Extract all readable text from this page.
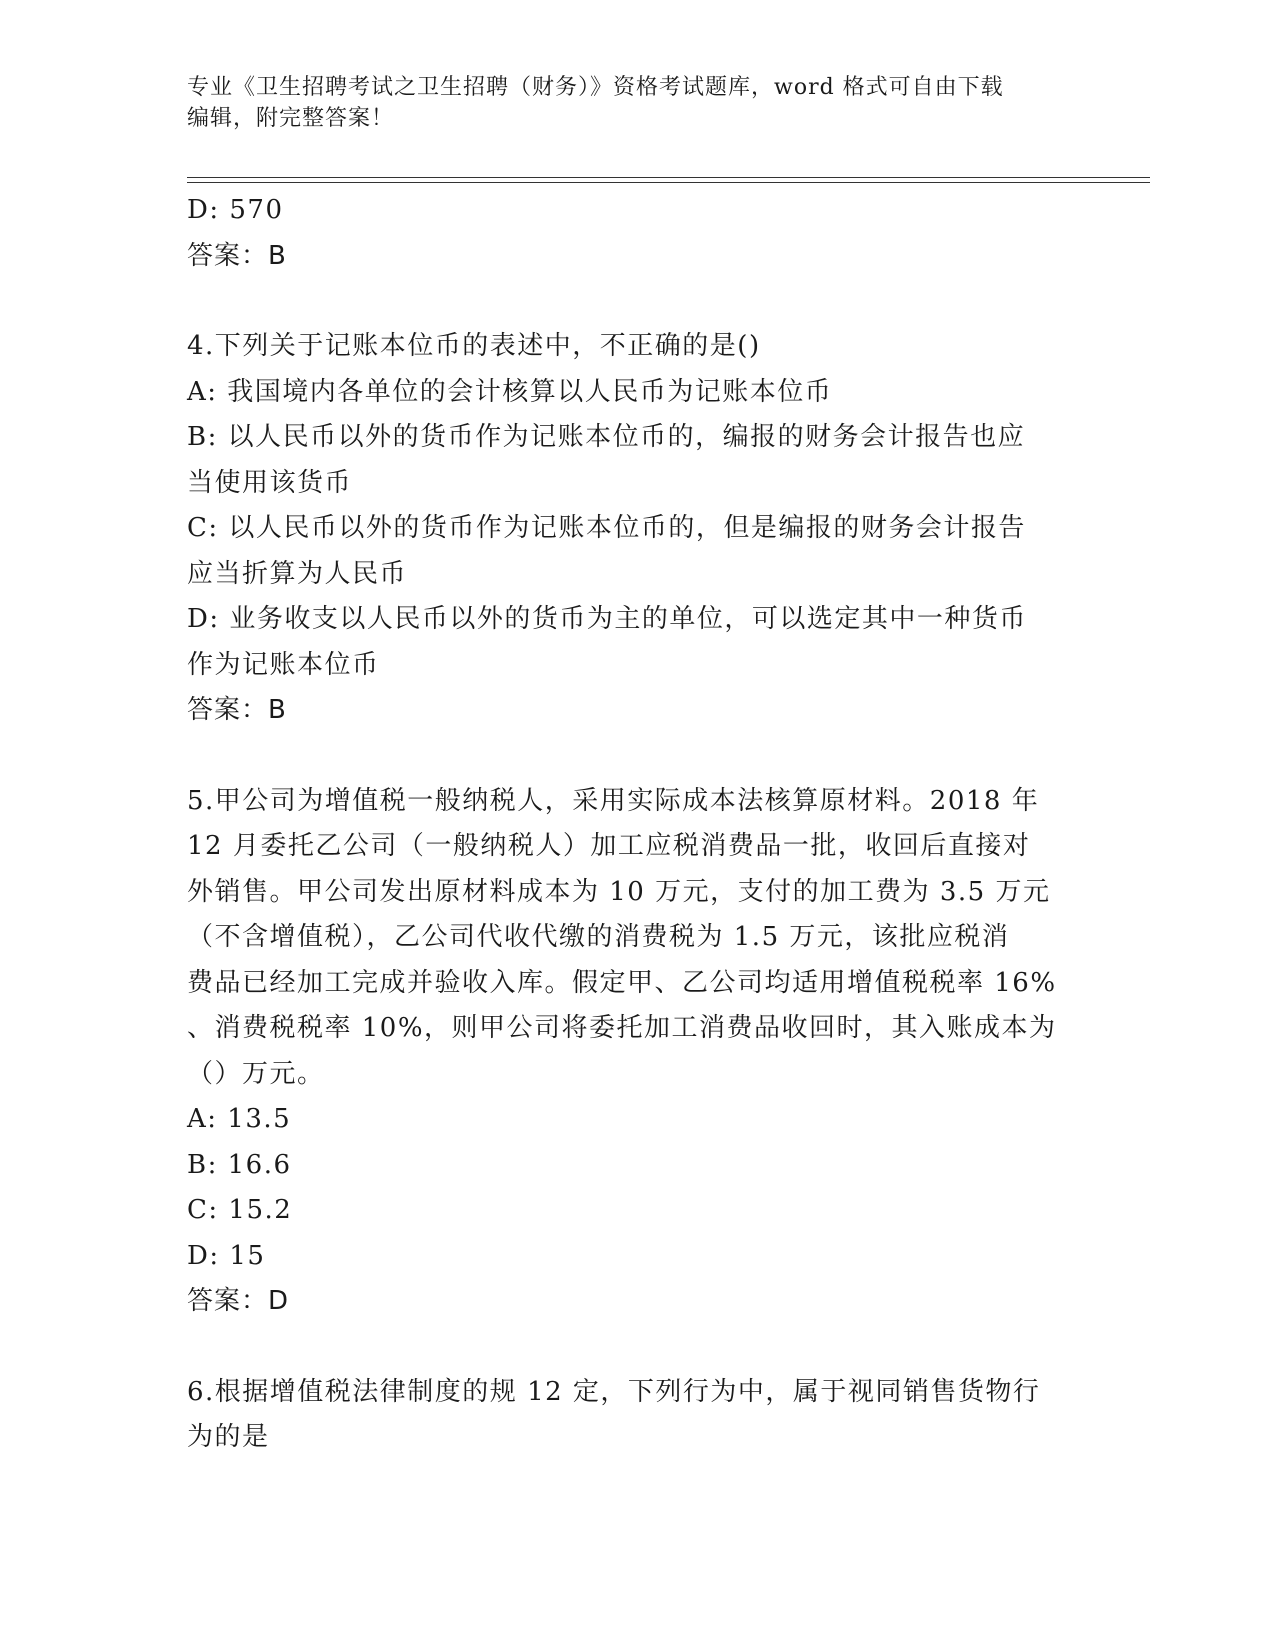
专业《卫生招聘考试之卫生招聘（财务）》资格考试题库，word 格式可自由下载
编辑，附完整答案！
D: 570
答案：B
4.下列关于记账本位币的表述中，不正确的是()
A: 我国境内各单位的会计核算以人民币为记账本位币
B: 以人民币以外的货币作为记账本位币的，编报的财务会计报告也应
当使用该货币
C: 以人民币以外的货币作为记账本位币的，但是编报的财务会计报告
应当折算为人民币
D: 业务收支以人民币以外的货币为主的单位，可以选定其中一种货币
作为记账本位币
答案：B
5.甲公司为增值税一般纳税人，采用实际成本法核算原材料。2018 年
12 月委托乙公司（一般纳税人）加工应税消费品一批，收回后直接对
外销售。甲公司发出原材料成本为 10 万元，支付的加工费为 3.5 万元
（不含增值税），乙公司代收代缴的消费税为 1.5 万元，该批应税消
费品已经加工完成并验收入库。假定甲、乙公司均适用增值税税率 16%
、消费税税率 10%，则甲公司将委托加工消费品收回时，其入账成本为
（）万元。
A: 13.5
B: 16.6
C: 15.2
D: 15
答案：D
6.根据增值税法律制度的规 12 定，下列行为中，属于视同销售货物行
为的是
